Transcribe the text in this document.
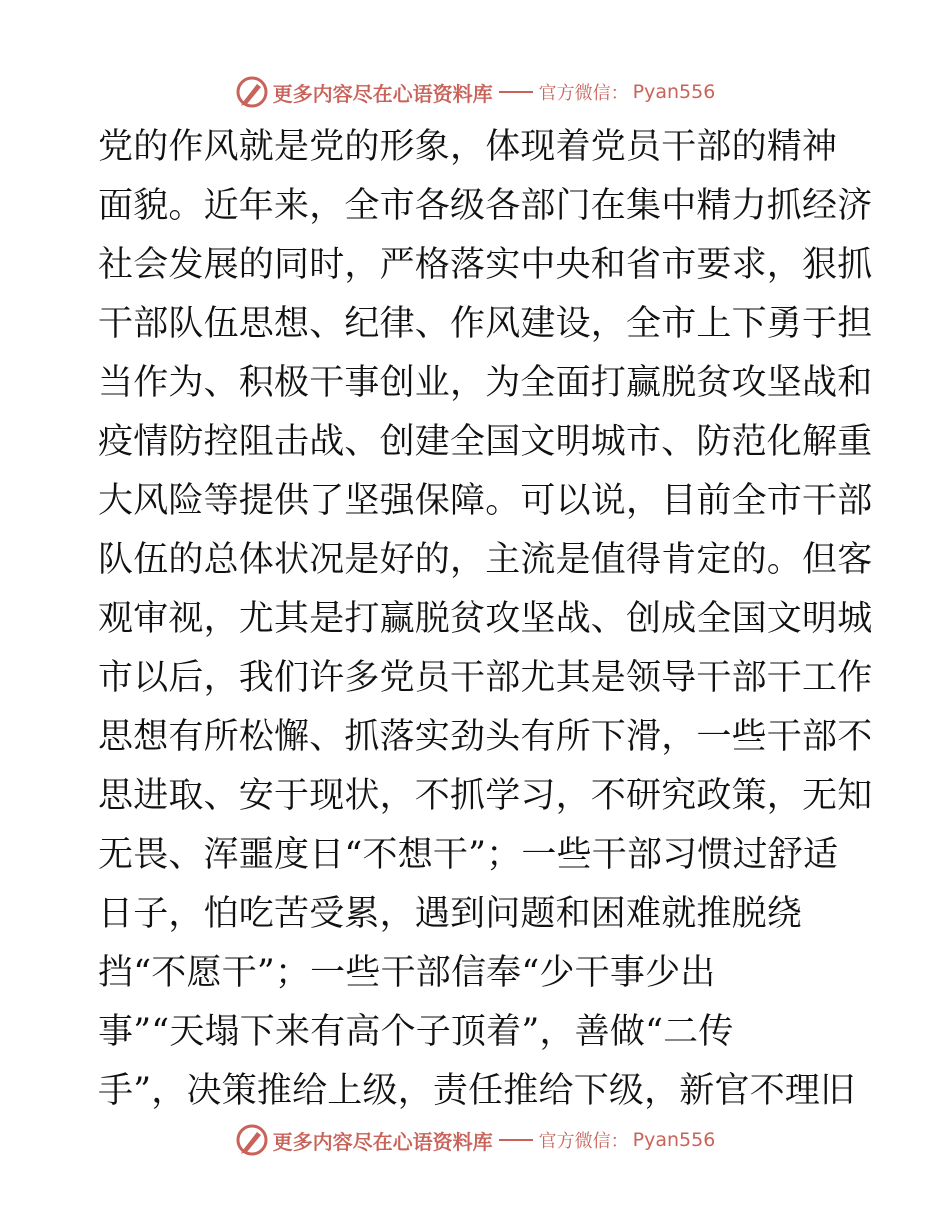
更多内容尽在心语资料库	官方微信： Pyan556
党的作风就是党的形象，体现着党员干部的精神
面貌。近年来，全市各级各部门在集中精力抓经济
社会发展的同时，严格落实中央和省市要求，狠抓
干部队伍思想、纪律、作风建设，全市上下勇于担
当作为、积极干事创业，为全面打赢脱贫攻坚战和
疫情防控阻击战、创建全国文明城市、防范化解重
大风险等提供了坚强保障。可以说，目前全市干部
队伍的总体状况是好的，主流是值得肯定的。但客
观审视，尤其是打赢脱贫攻坚战、创成全国文明城
市以后，我们许多党员干部尤其是领导干部干工作
思想有所松懈、抓落实劲头有所下滑，一些干部不
思进取、安于现状，不抓学习，不研究政策，无知
无畏、浑噩度日“不想干”；一些干部习惯过舒适
日子，怕吃苦受累，遇到问题和困难就推脱绕
挡“不愿干”；一些干部信奉“少干事少出
事”“天塌下来有高个子顶着”，善做“二传
手”，决策推给上级，责任推给下级，新官不理旧
更多内容尽在心语资料库	官方微信： Pyan556
